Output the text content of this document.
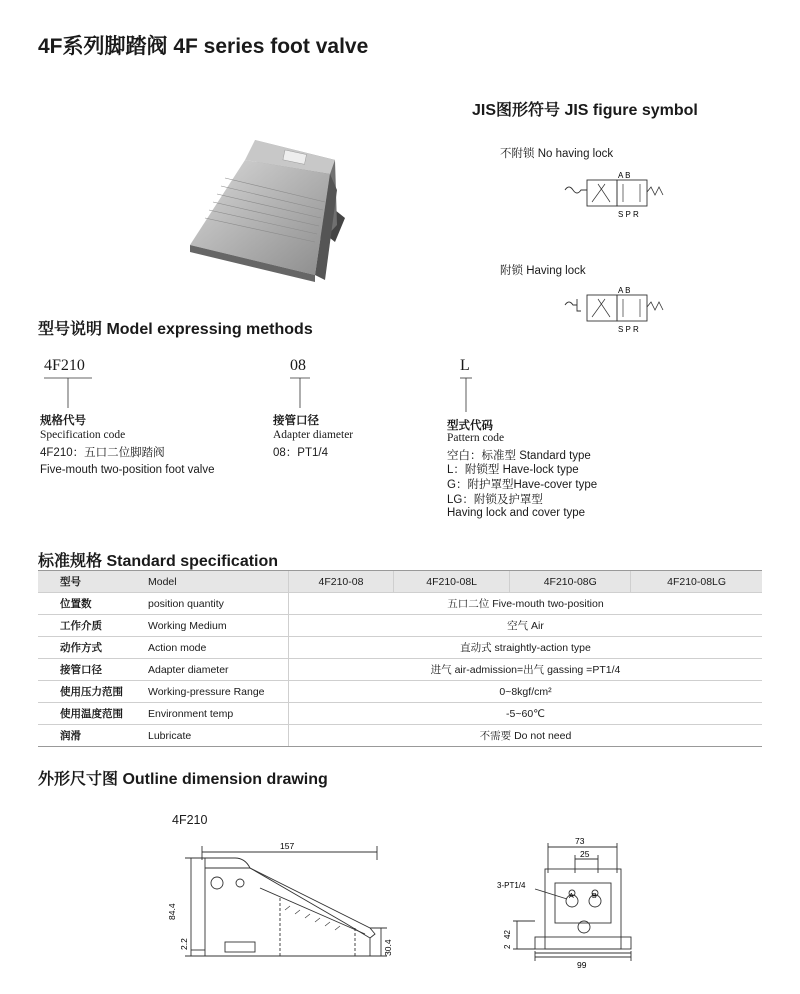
4F系列脚踏阀 4F series foot valve
JIS图形符号 JIS figure symbol
不附锁 No having lock
附锁 Having lock
A B
S P R
A B
S P R
型号说明 Model expressing methods
4F210	08	L
规格代号
Specification code
4F210：五口二位脚踏阀
Five-mouth two-position foot valve
接管口径
Adapter diameter
08：PT1/4
型式代码
Pattern code
空白：标准型 Standard type
L：附锁型 Have-lock type
G：附护罩型Have-cover type
LG：附锁及护罩型
Having lock and cover type
标准规格 Standard specification
型号	Model	4F210-08	4F210-08L	4F210-08G	4F210-08LG
位置数	position quantity	五口二位 Five-mouth two-position			
工作介质	Working Medium	空气 Air			
动作方式	Action mode	直动式 straightly-action type			
接管口径	Adapter diameter	进气 air-admission=出气 gassing =PT1/4			
使用压力范围	Working-pressure Range	0~8kgf/cm²			
使用温度范围	Environment temp	-5~60℃			
润滑	Lubricate	不需要 Do not need			
外形尺寸图 Outline dimension drawing
4F210
157
84.4
2.2	30.4
73
25
3-PT1/4
A	B
42
2
99
